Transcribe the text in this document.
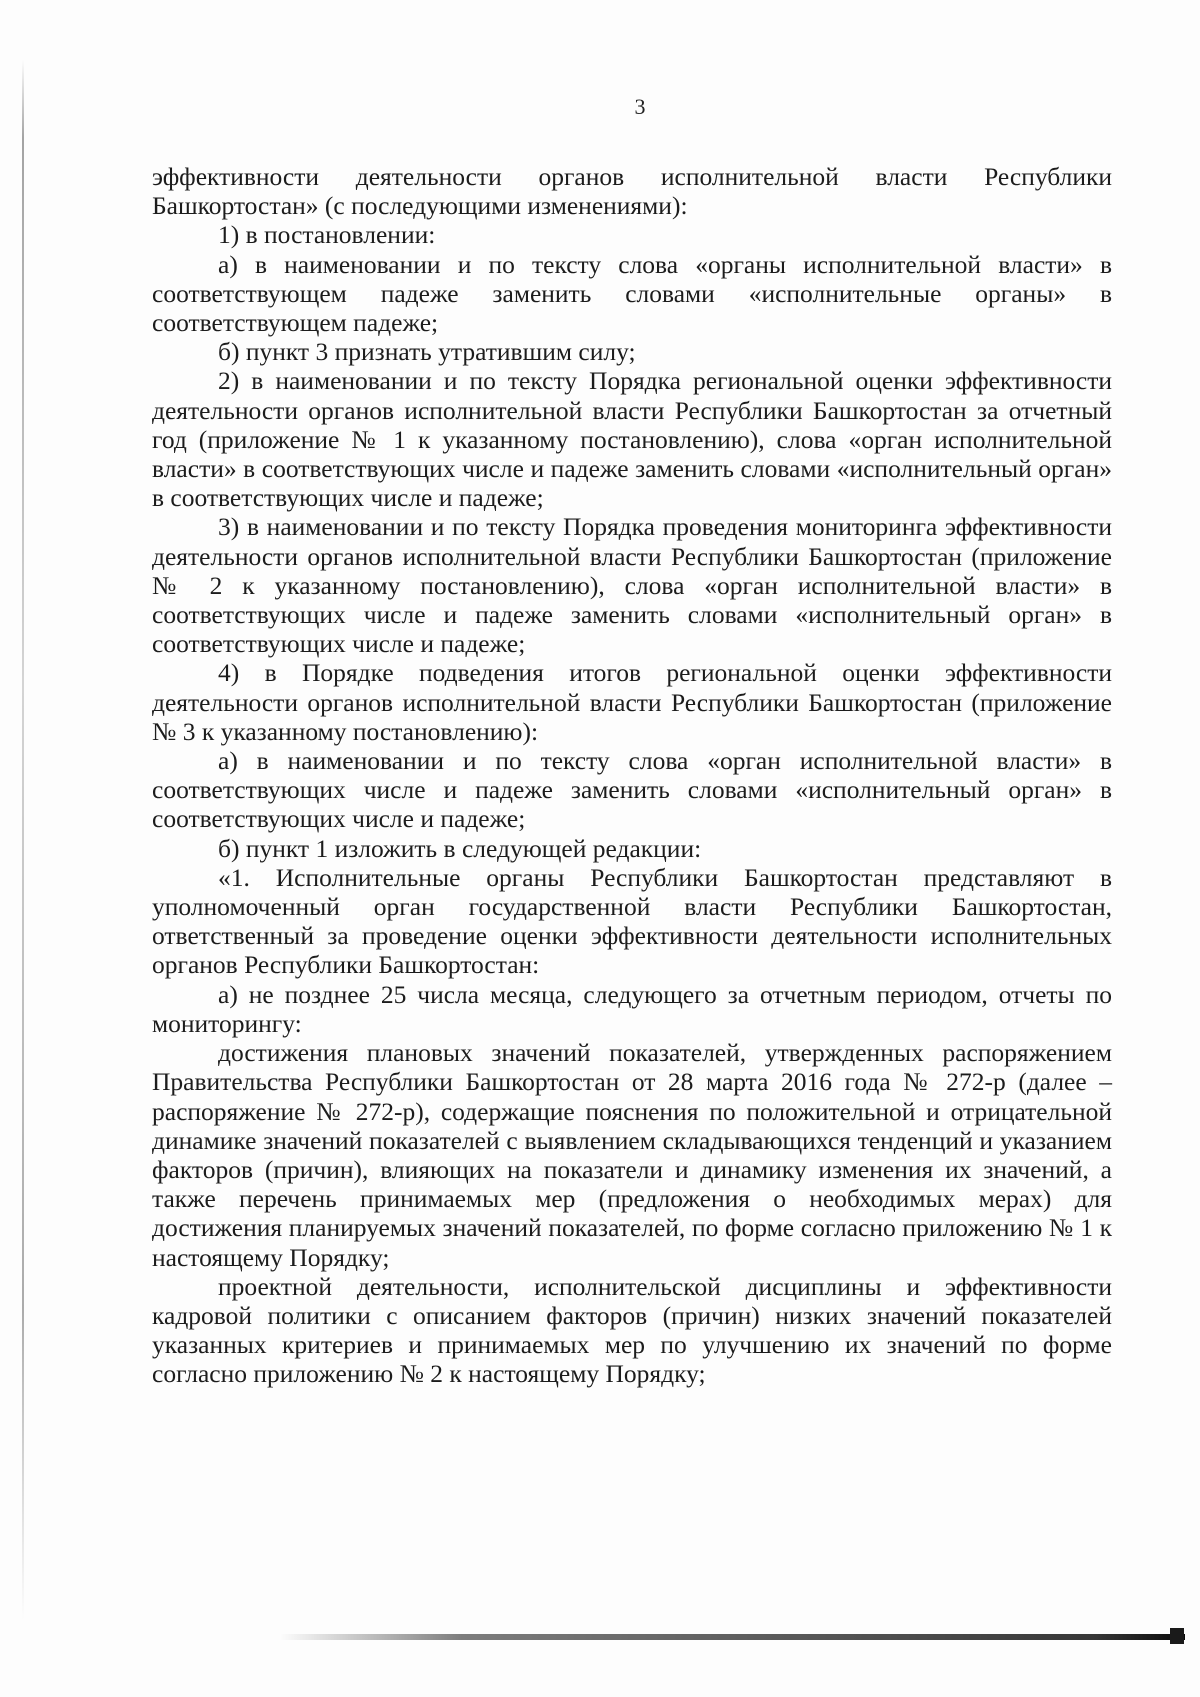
3

эффективности деятельности органов исполнительной власти Республики Башкортостан» (с последующими изменениями):

1) в постановлении:

а) в наименовании и по тексту слова «органы исполнительной власти» в соответствующем падеже заменить словами «исполнительные органы» в соответствующем падеже;

б) пункт 3 признать утратившим силу;

2) в наименовании и по тексту Порядка региональной оценки эффективности деятельности органов исполнительной власти Республики Башкортостан за отчетный год (приложение № 1 к указанному постановлению), слова «орган исполнительной власти» в соответствующих числе и падеже заменить словами «исполнительный орган» в соответствующих числе и падеже;

3) в наименовании и по тексту Порядка проведения мониторинга эффективности деятельности органов исполнительной власти Республики Башкортостан (приложение № 2 к указанному постановлению), слова «орган исполнительной власти» в соответствующих числе и падеже заменить словами «исполнительный орган» в соответствующих числе и падеже;

4) в Порядке подведения итогов региональной оценки эффективности деятельности органов исполнительной власти Республики Башкортостан (приложение № 3 к указанному постановлению):

а) в наименовании и по тексту слова «орган исполнительной власти» в соответствующих числе и падеже заменить словами «исполнительный орган» в соответствующих числе и падеже;

б) пункт 1 изложить в следующей редакции:

«1. Исполнительные органы Республики Башкортостан представляют в уполномоченный орган государственной власти Республики Башкортостан, ответственный за проведение оценки эффективности деятельности исполнительных органов Республики Башкортостан:

а) не позднее 25 числа месяца, следующего за отчетным периодом, отчеты по мониторингу:

достижения плановых значений показателей, утвержденных распоряжением Правительства Республики Башкортостан от 28 марта 2016 года № 272-р (далее – распоряжение № 272-р), содержащие пояснения по положительной и отрицательной динамике значений показателей с выявлением складывающихся тенденций и указанием факторов (причин), влияющих на показатели и динамику изменения их значений, а также перечень принимаемых мер (предложения о необходимых мерах) для достижения планируемых значений показателей, по форме согласно приложению № 1 к настоящему Порядку;

проектной деятельности, исполнительской дисциплины и эффективности кадровой политики с описанием факторов (причин) низких значений показателей указанных критериев и принимаемых мер по улучшению их значений по форме согласно приложению № 2 к настоящему Порядку;
